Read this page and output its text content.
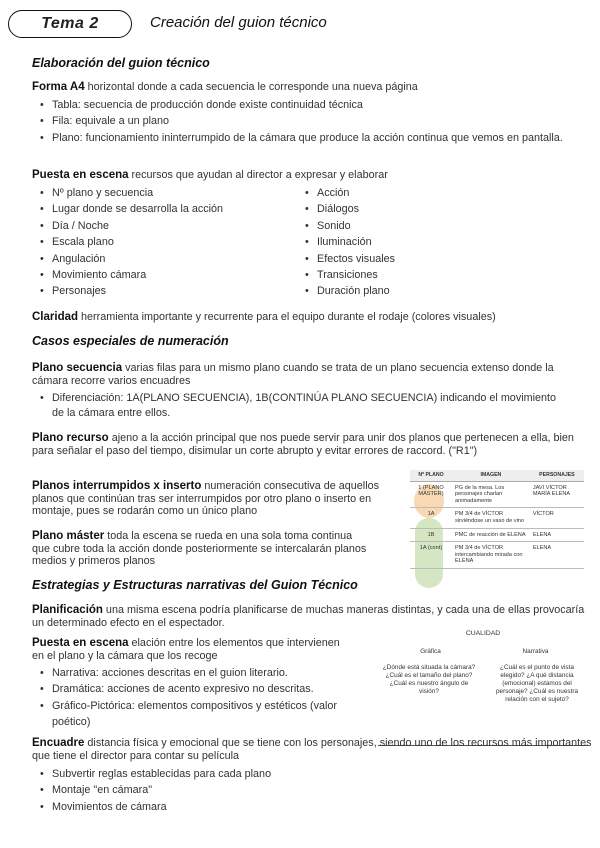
Tema 2	Creación del guion técnico
Elaboración del guion técnico
Forma A4 horizontal donde a cada secuencia le corresponde una nueva página
• Tabla: secuencia de producción donde existe continuidad técnica
• Fila: equivale a un plano
• Plano: funcionamiento ininterrumpido de la cámara que produce la acción continua que vemos en pantalla.
Puesta en escena recursos que ayudan al director a expresar y elaborar
• Nº plano y secuencia
• Lugar donde se desarrolla la acción
• Día / Noche
• Escala plano
• Angulación
• Movimiento cámara
• Personajes
• Acción
• Diálogos
• Sonido
• Iluminación
• Efectos visuales
• Transiciones
• Duración plano
Claridad herramienta importante y recurrente para el equipo durante el rodaje (colores visuales)
Casos especiales de numeración
Plano secuencia varias filas para un mismo plano cuando se trata de un plano secuencia extenso donde la cámara recorre varios encuadres
• Diferenciación: 1A(PLANO SECUENCIA), 1B(CONTINÚA PLANO SECUENCIA) indicando el movimiento de la cámara entre ellos.
Plano recurso ajeno a la acción principal que nos puede servir para unir dos planos que pertenecen a ella, bien para señalar el paso del tiempo, disimular un corte abrupto y evitar errores de raccord. ("R1")
Planos interrumpidos x inserto numeración consecutiva de aquellos planos que continúan tras ser interrumpidos por otro plano o inserto en montaje, pues se rodarán como un único plano
Plano máster toda la escena se rueda en una sola toma continua que cubre toda la acción donde posteriormente se intercalarán planos medios y primeros planos
Nº PLANO	IMAGEN	PERSONAJES
1 (PLANO MÁSTER)	PG de la mesa. Los personajes charlan animadamente	JAVI VÍCTOR MARÍA ELENA
1A	PM 3/4 de VÍCTOR sirviéndose un vaso de vino	VÍCTOR
1B	PMC de reacción de ELENA	ELENA
1A (cont)	PM 3/4 de VÍCTOR intercambiando mirada con ELENA	ELENA
Estrategias y Estructuras narrativas del Guion Técnico
Planificación una misma escena podría planificarse de muchas maneras distintas, y cada una de ellas provocaría un determinado efecto en el espectador.
Puesta en escena elación entre los elementos que intervienen en el plano y la cámara que los recoge
• Narrativa: acciones descritas en el guion literario.
• Dramática: acciones de acento expresivo no descritas.
• Gráfico-Pictórica: elementos compositivos y estéticos (valor poético)
CUALIDAD
Gráfica	Narrativa
¿Dónde está situada la cámara? ¿Cuál es el tamaño del plano? ¿Cuál es nuestro ángulo de visión?
¿Cuál es el punto de vista elegido? ¿A qué distancia (emocional) estamos del personaje? ¿Cuál es nuestra relación con el sujeto?
Encuadre distancia física y emocional que se tiene con los personajes, siendo uno de los recursos más importantes que tiene el director para contar su película
• Subvertir reglas establecidas para cada plano
• Montaje "en cámara"
• Movimientos de cámara
